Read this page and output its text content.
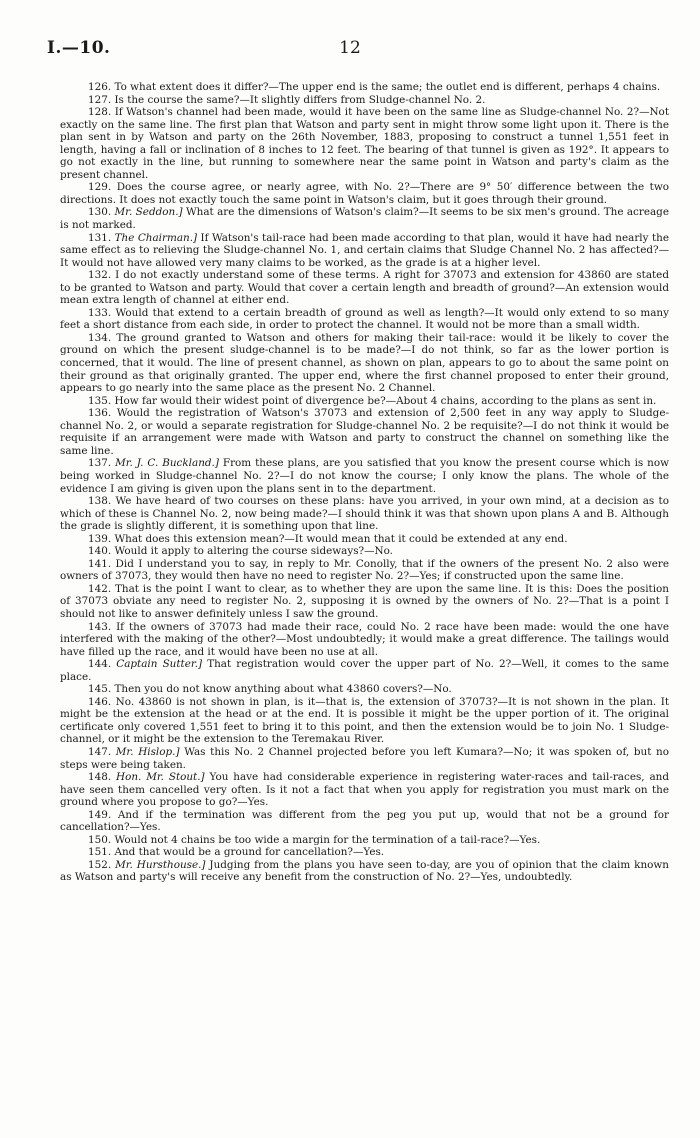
I.—10.	12

126. To what extent does it differ?—The upper end is the same; the outlet end is different, perhaps 4 chains.

127. Is the course the same?—It slightly differs from Sludge-channel No. 2.

128. If Watson's channel had been made, would it have been on the same line as Sludge-channel No. 2?—Not exactly on the same line. The first plan that Watson and party sent in might throw some light upon it. There is the plan sent in by Watson and party on the 26th November, 1883, proposing to construct a tunnel 1,551 feet in length, having a fall or inclination of 8 inches to 12 feet. The bearing of that tunnel is given as 192°. It appears to go not exactly in the line, but running to somewhere near the same point in Watson and party's claim as the present channel.

129. Does the course agree, or nearly agree, with No. 2?—There are 9° 50′ difference between the two directions. It does not exactly touch the same point in Watson's claim, but it goes through their ground.

130. Mr. Seddon.] What are the dimensions of Watson's claim?—It seems to be six men's ground. The acreage is not marked.

131. The Chairman.] If Watson's tail-race had been made according to that plan, would it have had nearly the same effect as to relieving the Sludge-channel No. 1, and certain claims that Sludge Channel No. 2 has affected?—It would not have allowed very many claims to be worked, as the grade is at a higher level.

132. I do not exactly understand some of these terms. A right for 37073 and extension for 43860 are stated to be granted to Watson and party. Would that cover a certain length and breadth of ground?—An extension would mean extra length of channel at either end.

133. Would that extend to a certain breadth of ground as well as length?—It would only extend to so many feet a short distance from each side, in order to protect the channel. It would not be more than a small width.

134. The ground granted to Watson and others for making their tail-race: would it be likely to cover the ground on which the present sludge-channel is to be made?—I do not think, so far as the lower portion is concerned, that it would. The line of present channel, as shown on plan, appears to go to about the same point on their ground as that originally granted. The upper end, where the first channel proposed to enter their ground, appears to go nearly into the same place as the present No. 2 Channel.

135. How far would their widest point of divergence be?—About 4 chains, according to the plans as sent in.

136. Would the registration of Watson's 37073 and extension of 2,500 feet in any way apply to Sludge-channel No. 2, or would a separate registration for Sludge-channel No. 2 be requisite?—I do not think it would be requisite if an arrangement were made with Watson and party to construct the channel on something like the same line.

137. Mr. J. C. Buckland.] From these plans, are you satisfied that you know the present course which is now being worked in Sludge-channel No. 2?—I do not know the course; I only know the plans. The whole of the evidence I am giving is given upon the plans sent in to the department.

138. We have heard of two courses on these plans: have you arrived, in your own mind, at a decision as to which of these is Channel No. 2, now being made?—I should think it was that shown upon plans A and B. Although the grade is slightly different, it is something upon that line.

139. What does this extension mean?—It would mean that it could be extended at any end.

140. Would it apply to altering the course sideways?—No.

141. Did I understand you to say, in reply to Mr. Conolly, that if the owners of the present No. 2 also were owners of 37073, they would then have no need to register No. 2?—Yes; if constructed upon the same line.

142. That is the point I want to clear, as to whether they are upon the same line. It is this: Does the position of 37073 obviate any need to register No. 2, supposing it is owned by the owners of No. 2?—That is a point I should not like to answer definitely unless I saw the ground.

143. If the owners of 37073 had made their race, could No. 2 race have been made: would the one have interfered with the making of the other?—Most undoubtedly; it would make a great difference. The tailings would have filled up the race, and it would have been no use at all.

144. Captain Sutter.] That registration would cover the upper part of No. 2?—Well, it comes to the same place.

145. Then you do not know anything about what 43860 covers?—No.

146. No. 43860 is not shown in plan, is it—that is, the extension of 37073?—It is not shown in the plan. It might be the extension at the head or at the end. It is possible it might be the upper portion of it. The original certificate only covered 1,551 feet to bring it to this point, and then the extension would be to join No. 1 Sludge-channel, or it might be the extension to the Teremakau River.

147. Mr. Hislop.] Was this No. 2 Channel projected before you left Kumara?—No; it was spoken of, but no steps were being taken.

148. Hon. Mr. Stout.] You have had considerable experience in registering water-races and tail-races, and have seen them cancelled very often. Is it not a fact that when you apply for registration you must mark on the ground where you propose to go?—Yes.

149. And if the termination was different from the peg you put up, would that not be a ground for cancellation?—Yes.

150. Would not 4 chains be too wide a margin for the termination of a tail-race?—Yes.

151. And that would be a ground for cancellation?—Yes.

152. Mr. Hursthouse.] Judging from the plans you have seen to-day, are you of opinion that the claim known as Watson and party's will receive any benefit from the construction of No. 2?—Yes, undoubtedly.
